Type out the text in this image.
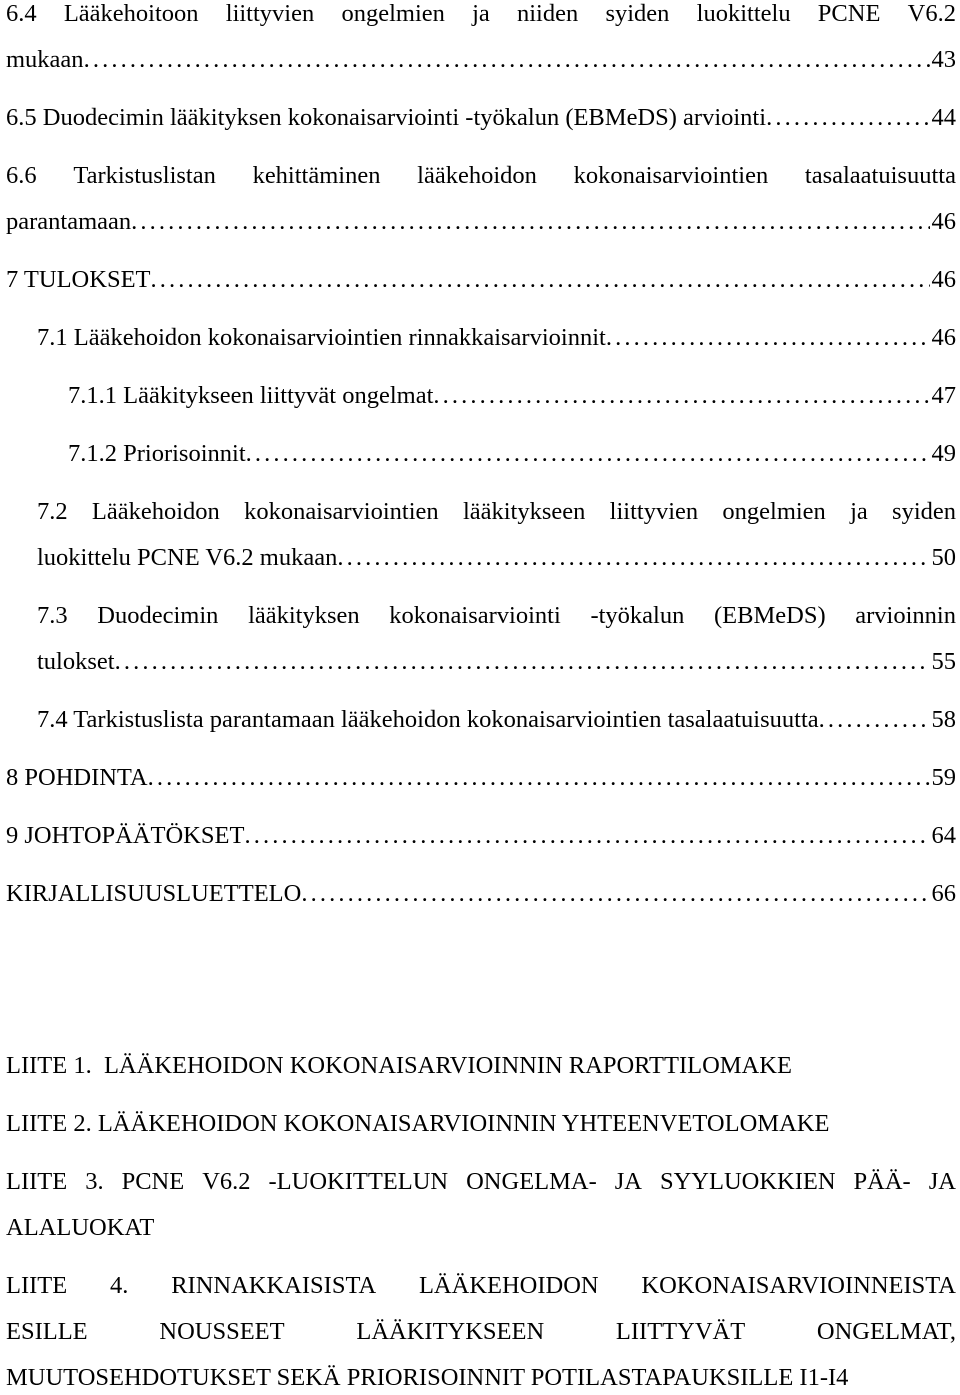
6.4 Lääkehoitoon liittyvien ongelmien ja niiden syiden luokittelu PCNE V6.2
mukaan . . .	43
6.5 Duodecimin lääkityksen kokonaisarviointi -työkalun (EBMeDS) arviointi . . .	44
6.6 Tarkistuslistan kehittäminen lääkehoidon kokonaisarviointien tasalaatuisuutta
parantamaan . . .	46
7 TULOKSET . . .	46
7.1 Lääkehoidon kokonaisarviointien rinnakkaisarvioinnit . . .	46
7.1.1 Lääkitykseen liittyvät ongelmat . . .	47
7.1.2 Priorisoinnit . . .	49
7.2 Lääkehoidon kokonaisarviointien lääkitykseen liittyvien ongelmien ja syiden
luokittelu PCNE V6.2 mukaan . . .	50
7.3 Duodecimin lääkityksen kokonaisarviointi -työkalun (EBMeDS) arvioinnin
tulokset . . .	55
7.4 Tarkistuslista parantamaan lääkehoidon kokonaisarviointien tasalaatuisuutta . . .	58
8 POHDINTA . . .	59
9 JOHTOPÄÄTÖKSET . . .	64
KIRJALLISUUSLUETTELO . . .	66
LIITE 1.  LÄÄKEHOIDON KOKONAISARVIOINNIN RAPORTTILOMAKE
LIITE 2. LÄÄKEHOIDON KOKONAISARVIOINNIN YHTEENVETOLOMAKE
LIITE 3. PCNE V6.2 -LUOKITTELUN ONGELMA- JA SYYLUOKKIEN PÄÄ- JA
ALALUOKAT
LIITE 4. RINNAKKAISISTA LÄÄKEHOIDON KOKONAISARVIOINNEISTA
ESILLE	NOUSSEET	LÄÄKITYKSEEN	LIITTYVÄT	ONGELMAT,
MUUTOSEHDOTUKSET SEKÄ PRIORISOINNIT POTILASTAPAUKSILLE I1-I4
